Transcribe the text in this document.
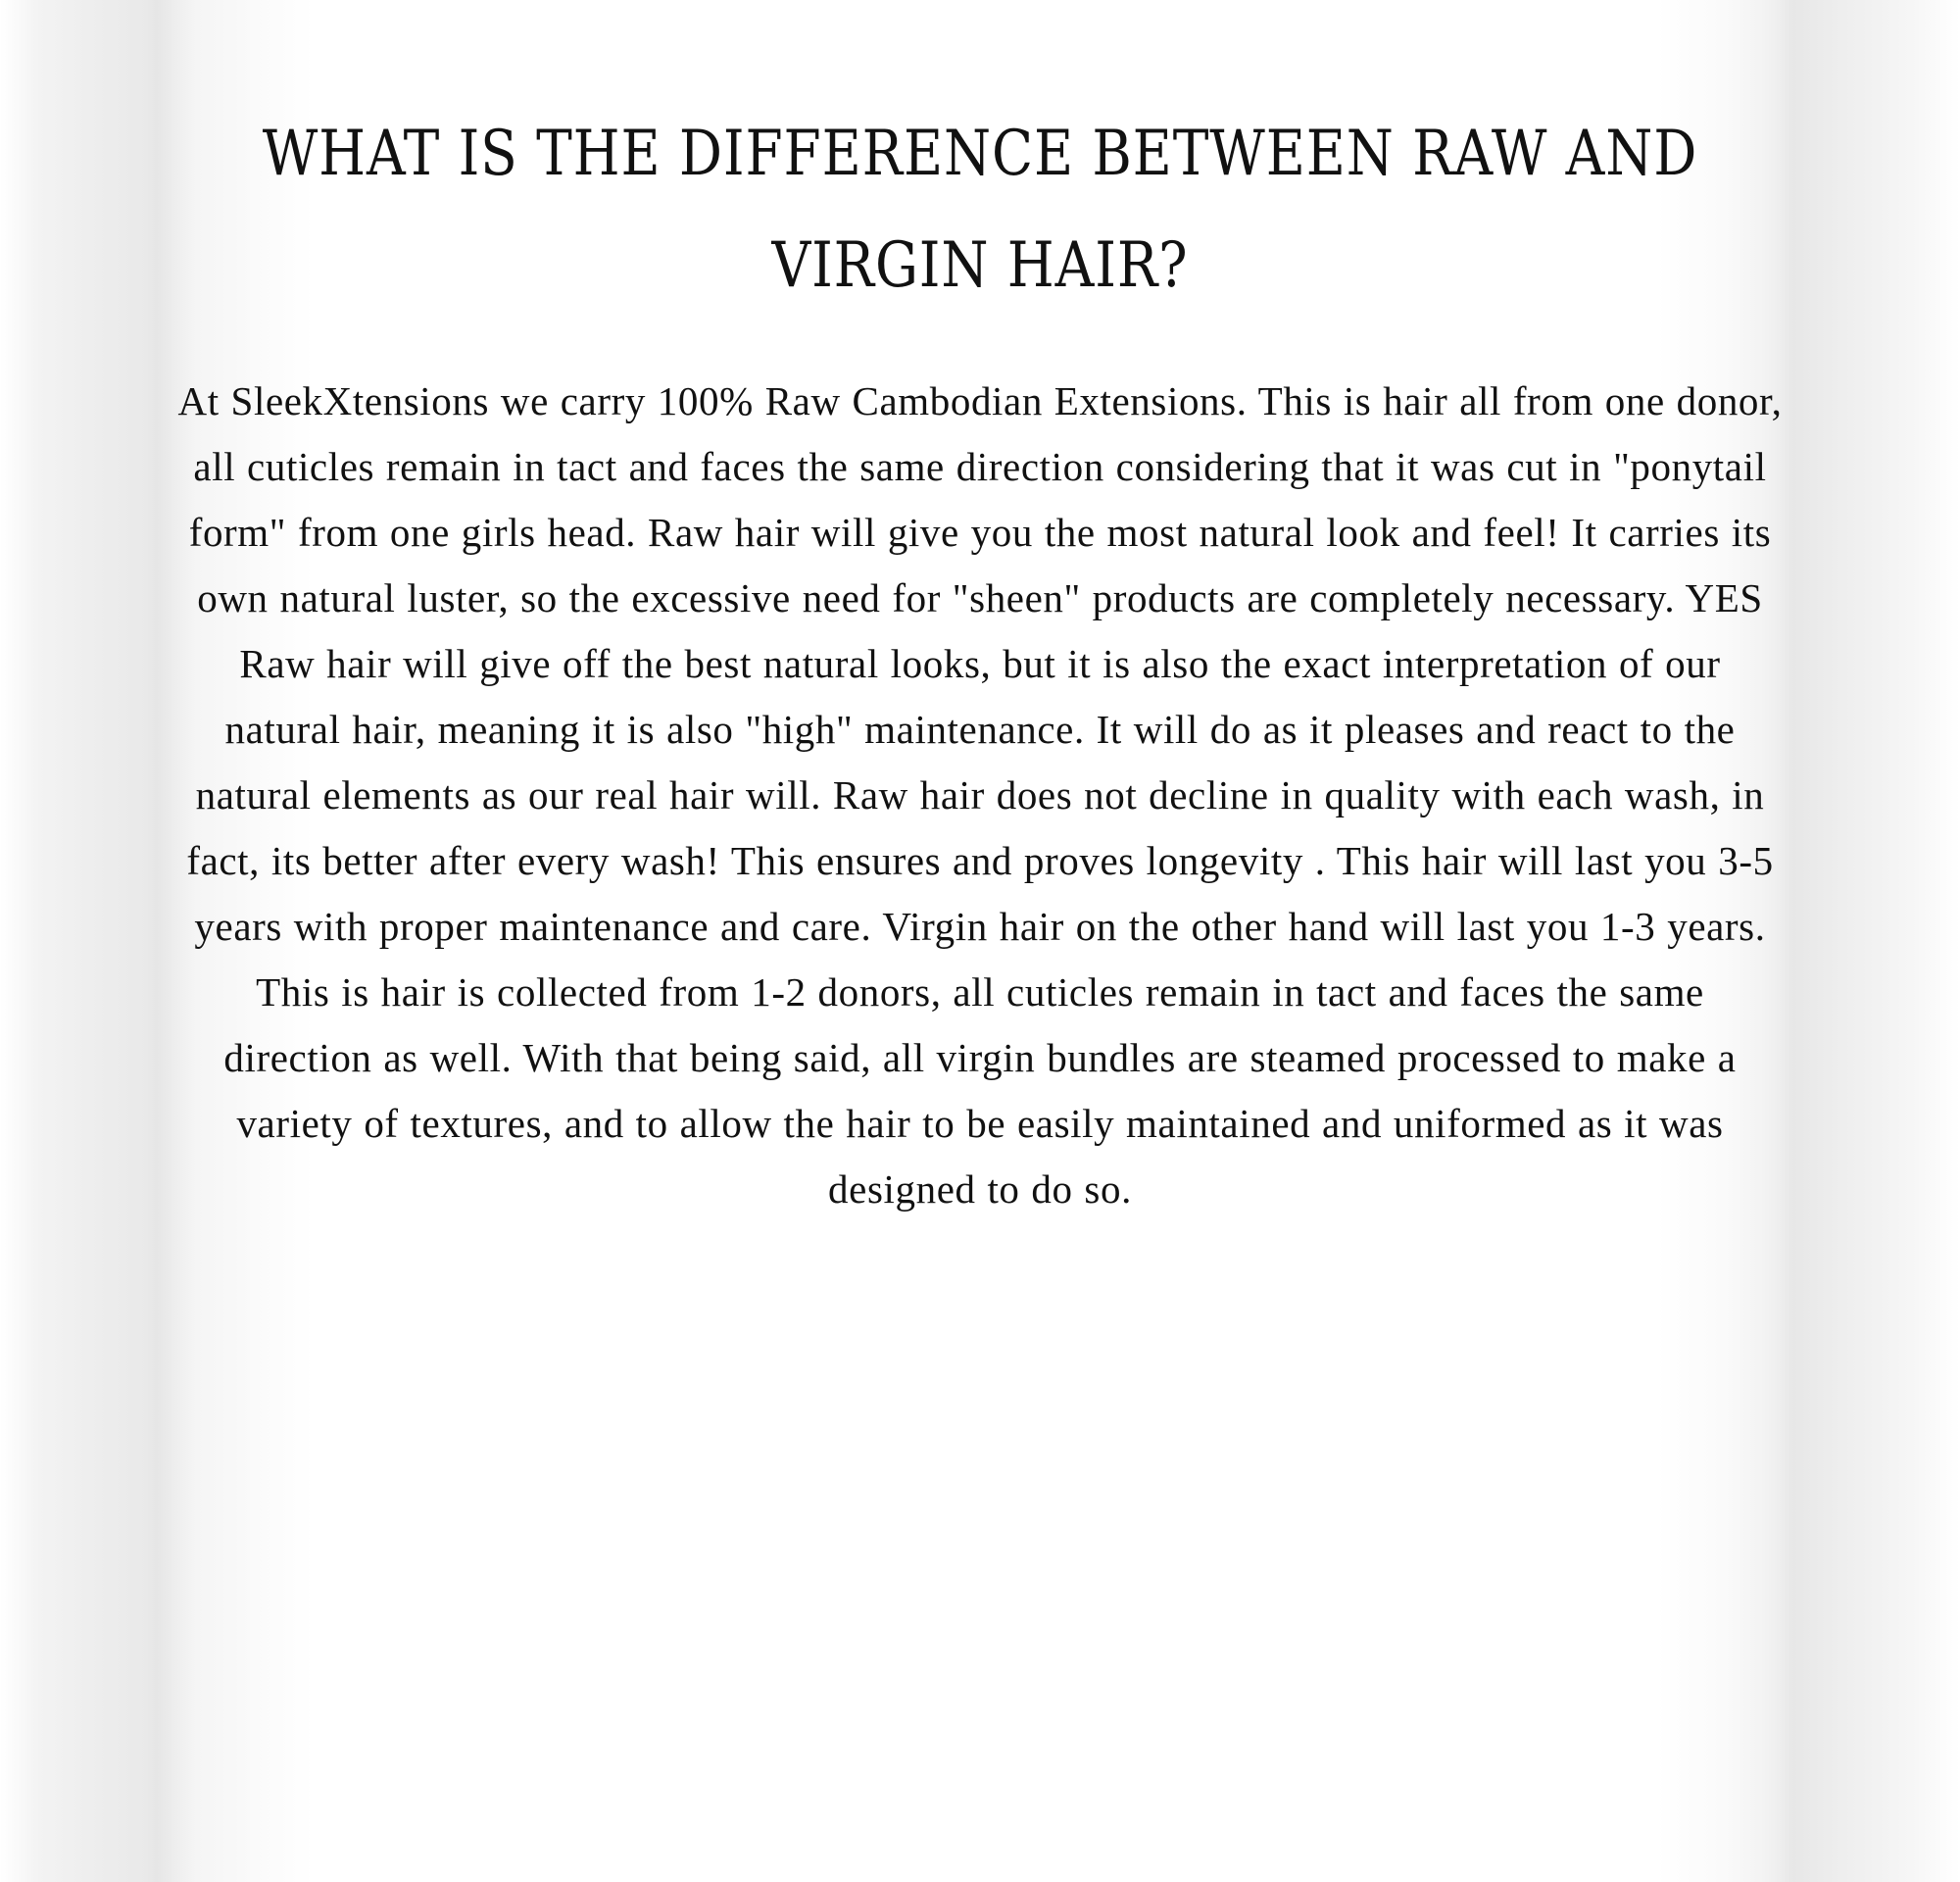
WHAT IS THE DIFFERENCE BETWEEN RAW AND VIRGIN HAIR?

At SleekXtensions we carry 100% Raw Cambodian Extensions. This is hair all from one donor, all cuticles remain in tact and faces the same direction considering that it was cut in "ponytail form" from one girls head. Raw hair will give you the most natural look and feel! It carries its own natural luster, so the excessive need for "sheen" products are completely necessary. YES Raw hair will give off the best natural looks, but it is also the exact interpretation of our natural hair, meaning it is also "high" maintenance. It will do as it pleases and react to the natural elements as our real hair will. Raw hair does not decline in quality with each wash, in fact, its better after every wash! This ensures and proves longevity . This hair will last you 3-5 years with proper maintenance and care. Virgin hair on the other hand will last you 1-3 years. This is hair is collected from 1-2 donors, all cuticles remain in tact and faces the same direction as well. With that being said, all virgin bundles are steamed processed to make a variety of textures, and to allow the hair to be easily maintained and uniformed as it was designed to do so.
